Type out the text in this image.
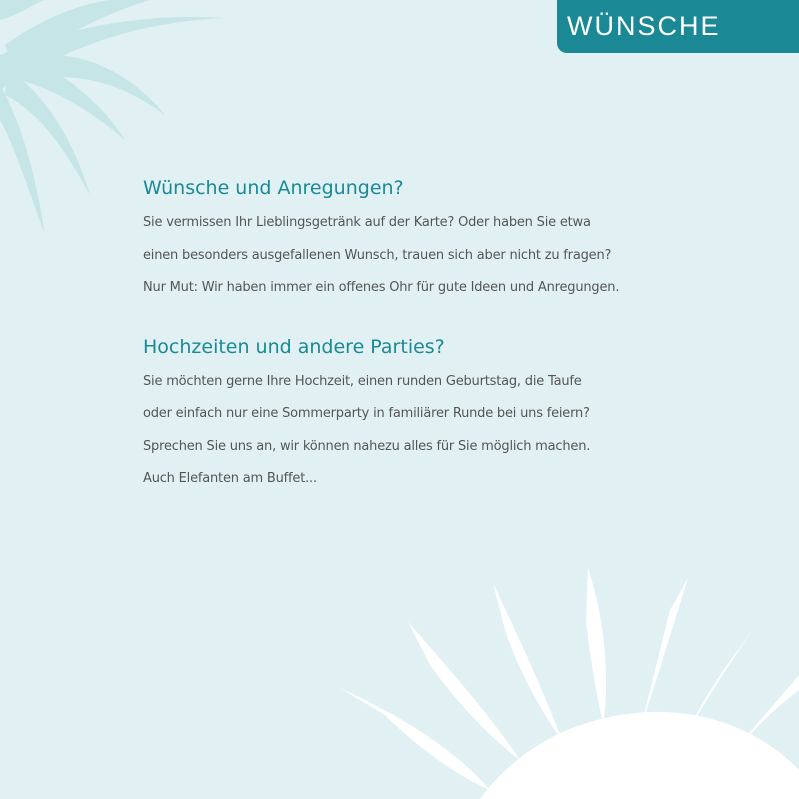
WÜNSCHE
Wünsche und Anregungen?

Sie vermissen Ihr Lieblingsgetränk auf der Karte? Oder haben Sie etwa
einen besonders ausgefallenen Wunsch, trauen sich aber nicht zu fragen?
Nur Mut: Wir haben immer ein offenes Ohr für gute Ideen und Anregungen.

Hochzeiten und andere Parties?

Sie möchten gerne Ihre Hochzeit, einen runden Geburtstag, die Taufe
oder einfach nur eine Sommerparty in familiärer Runde bei uns feiern?
Sprechen Sie uns an, wir können nahezu alles für Sie möglich machen.
Auch Elefanten am Buffet...
